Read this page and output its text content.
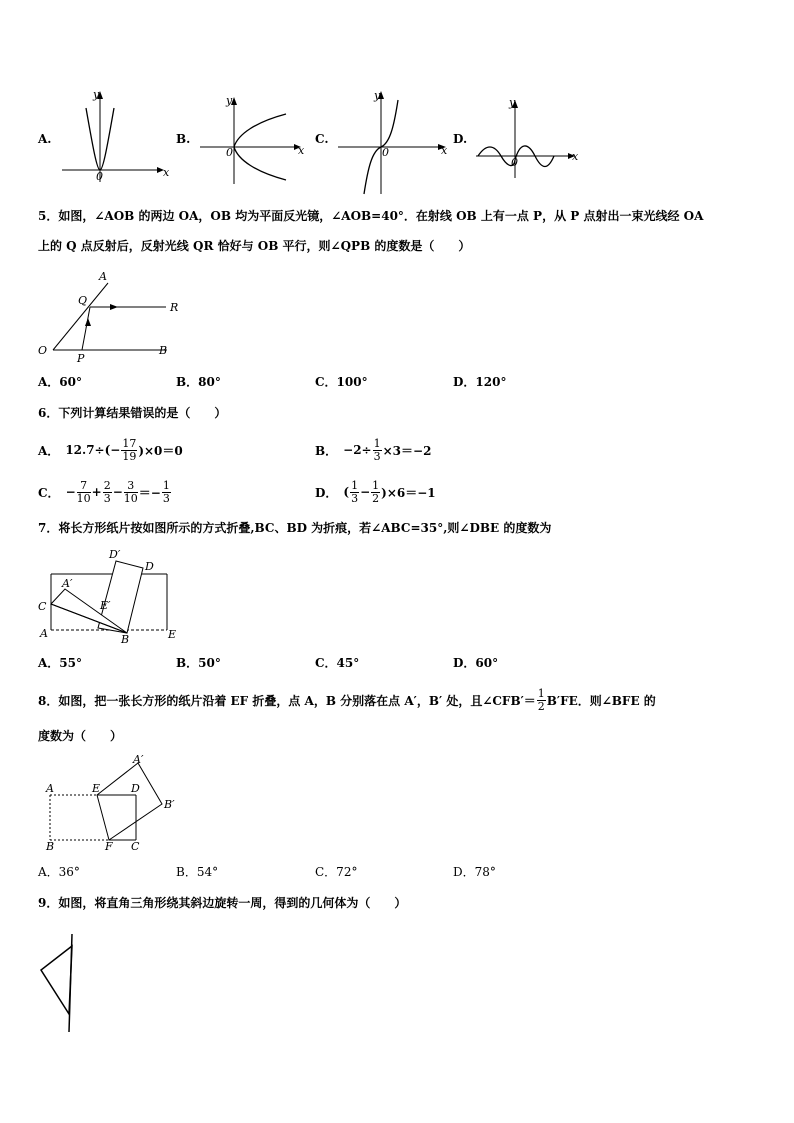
A.
0	x
y
B.
0	x
y
C.
0	x
y
D.
0	x
y
5．如图，∠AOB 的两边 OA，OB 均为平面反光镜，∠AOB=40°．在射线 OB 上有一点 P，从 P 点射出一束光线经 OA
上的 Q 点反射后，反射光线 QR 恰好与 OB 平行，则∠QPB 的度数是（　　）
A
Q
R
O
P
B
A．60°	B．80°	C．100°	D．120°
6．下列计算结果错误的是（　　）
A． $12.7\div(- \frac{17}{19} )\times 0=0$	B． $-2\div \frac{1}{3} \times 3=-2$
C． − $\frac{7}{10} + \frac{2}{3} - \frac{3}{10} =- \frac{1}{3}$	D． ( $\frac{1}{3} - \frac{1}{2} )\times 6=-1$
7．将长方形纸片按如图所示的方式折叠,BC、BD 为折痕，若∠ABC=35°,则∠DBE 的度数为
D′
D
A′
C	E′
A	B	E
A．55°	B．50°	C．45°	D．60°
8．如图，把一张长方形的纸片沿着 EF 折叠，点 A，B 分别落在点 A′，B′ 处，且∠CFB′＝ $\frac{1}{2} B'FE$．则∠BFE 的
度数为（　　）
A′
A	E	D
B′
B	F C
A．36°	B．54°	C．72°	D．78°
9．如图，将直角三角形绕其斜边旋转一周，得到的几何体为（　　）
